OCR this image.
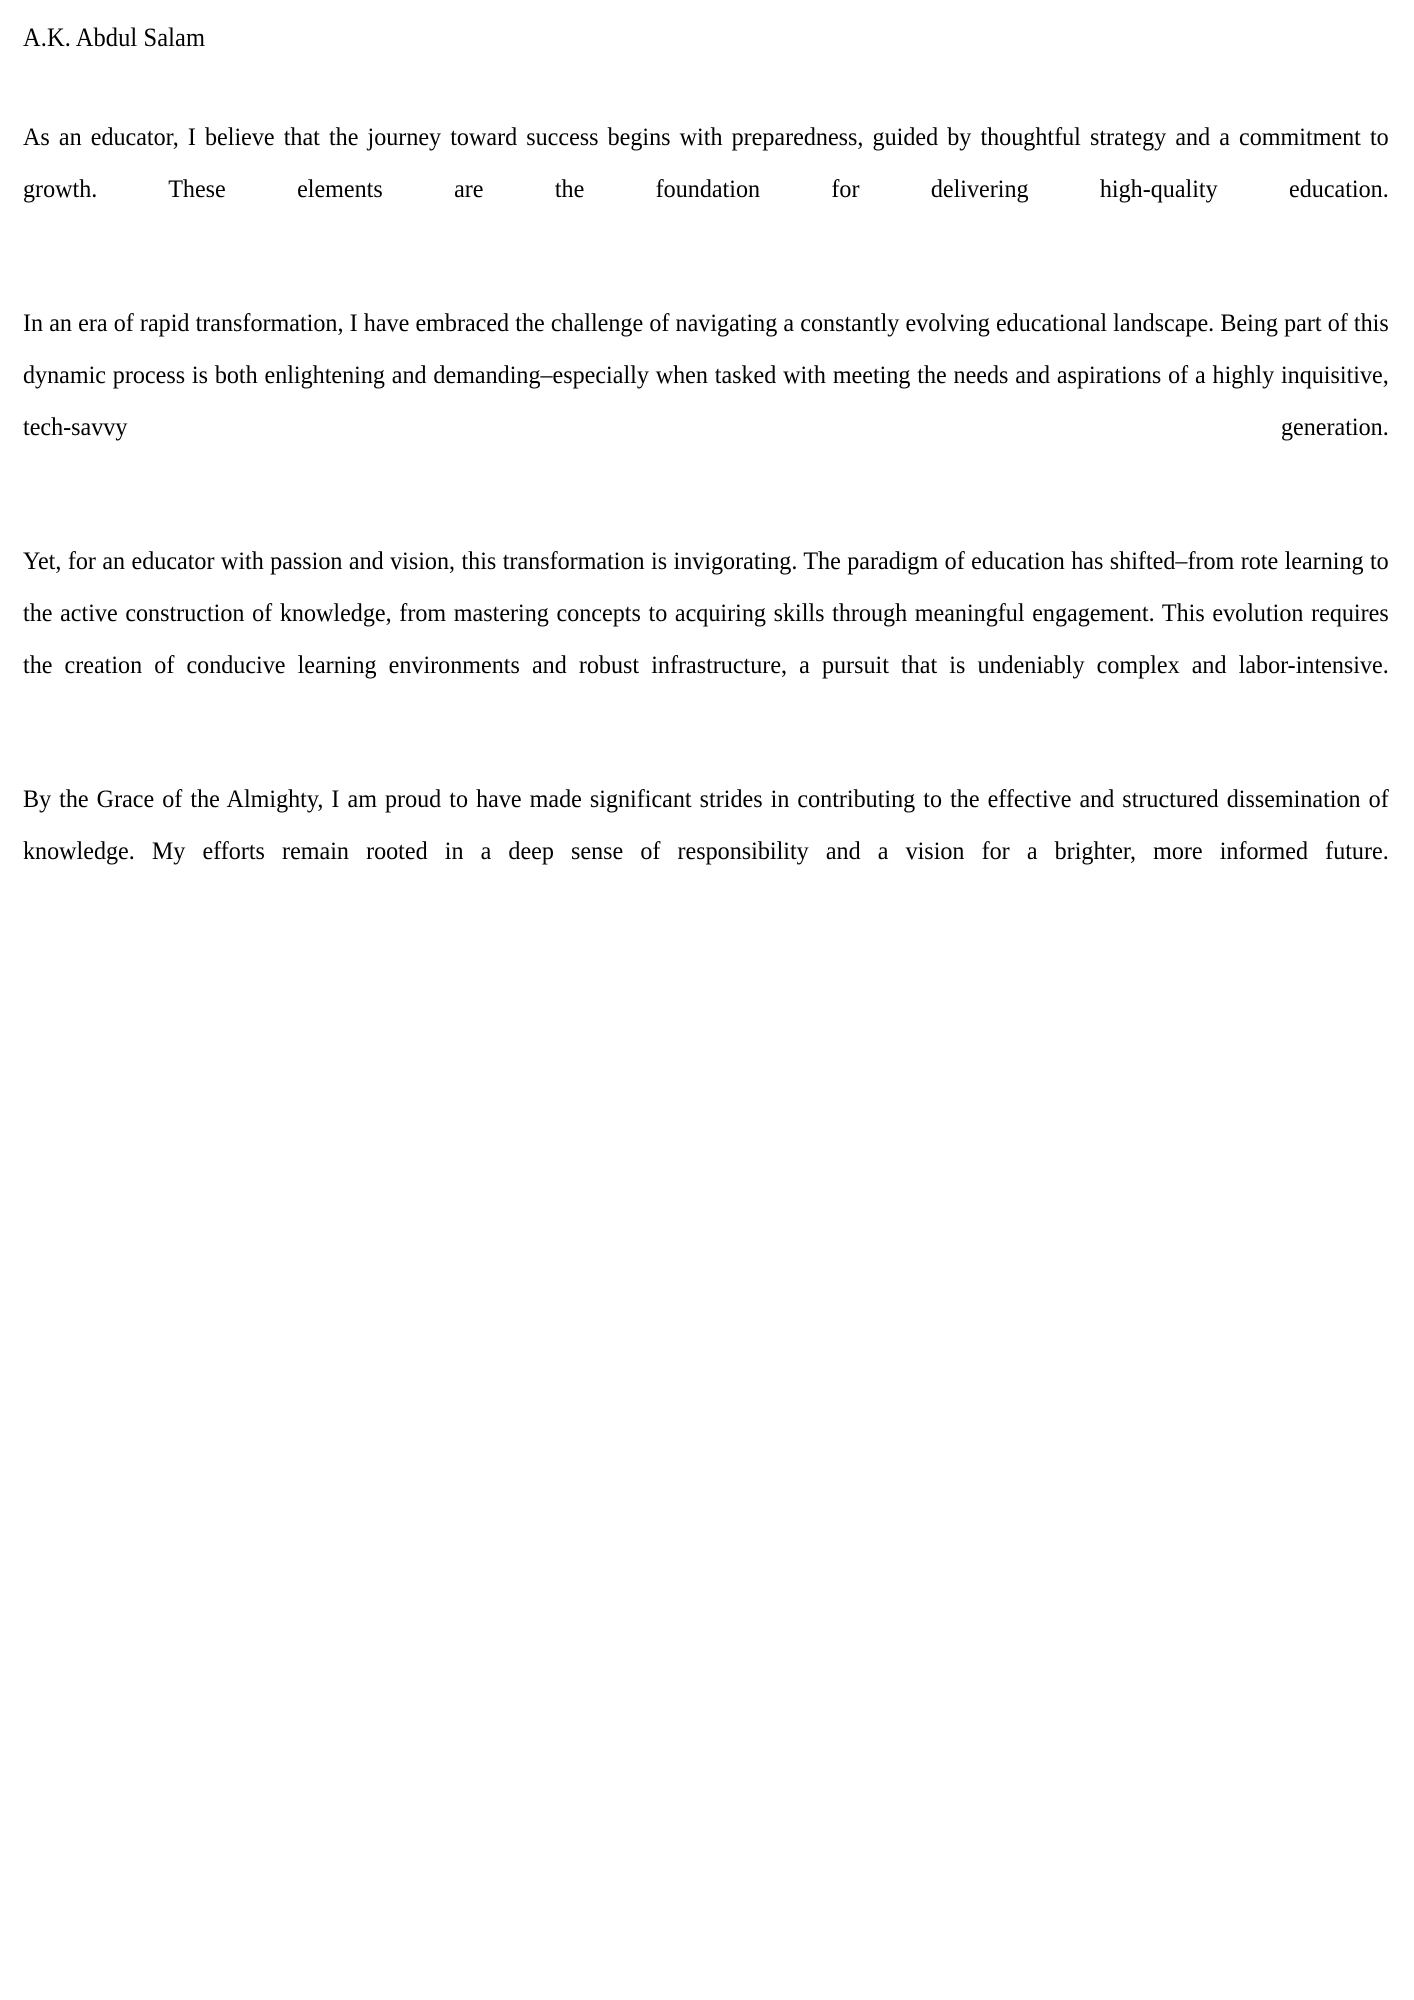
A.K. Abdul Salam

As an educator, I believe that the journey toward success begins with preparedness, guided by thoughtful strategy and a commitment to growth. These elements are the foundation for delivering high-quality education.

In an era of rapid transformation, I have embraced the challenge of navigating a constantly evolving educational landscape. Being part of this dynamic process is both enlightening and demanding–especially when tasked with meeting the needs and aspirations of a highly inquisitive, tech-savvy generation.

Yet, for an educator with passion and vision, this transformation is invigorating. The paradigm of education has shifted–from rote learning to the active construction of knowledge, from mastering concepts to acquiring skills through meaningful engagement. This evolution requires the creation of conducive learning environments and robust infrastructure, a pursuit that is undeniably complex and labor-intensive.

By the Grace of the Almighty, I am proud to have made significant strides in contributing to the effective and structured dissemination of knowledge. My efforts remain rooted in a deep sense of responsibility and a vision for a brighter, more informed future.
